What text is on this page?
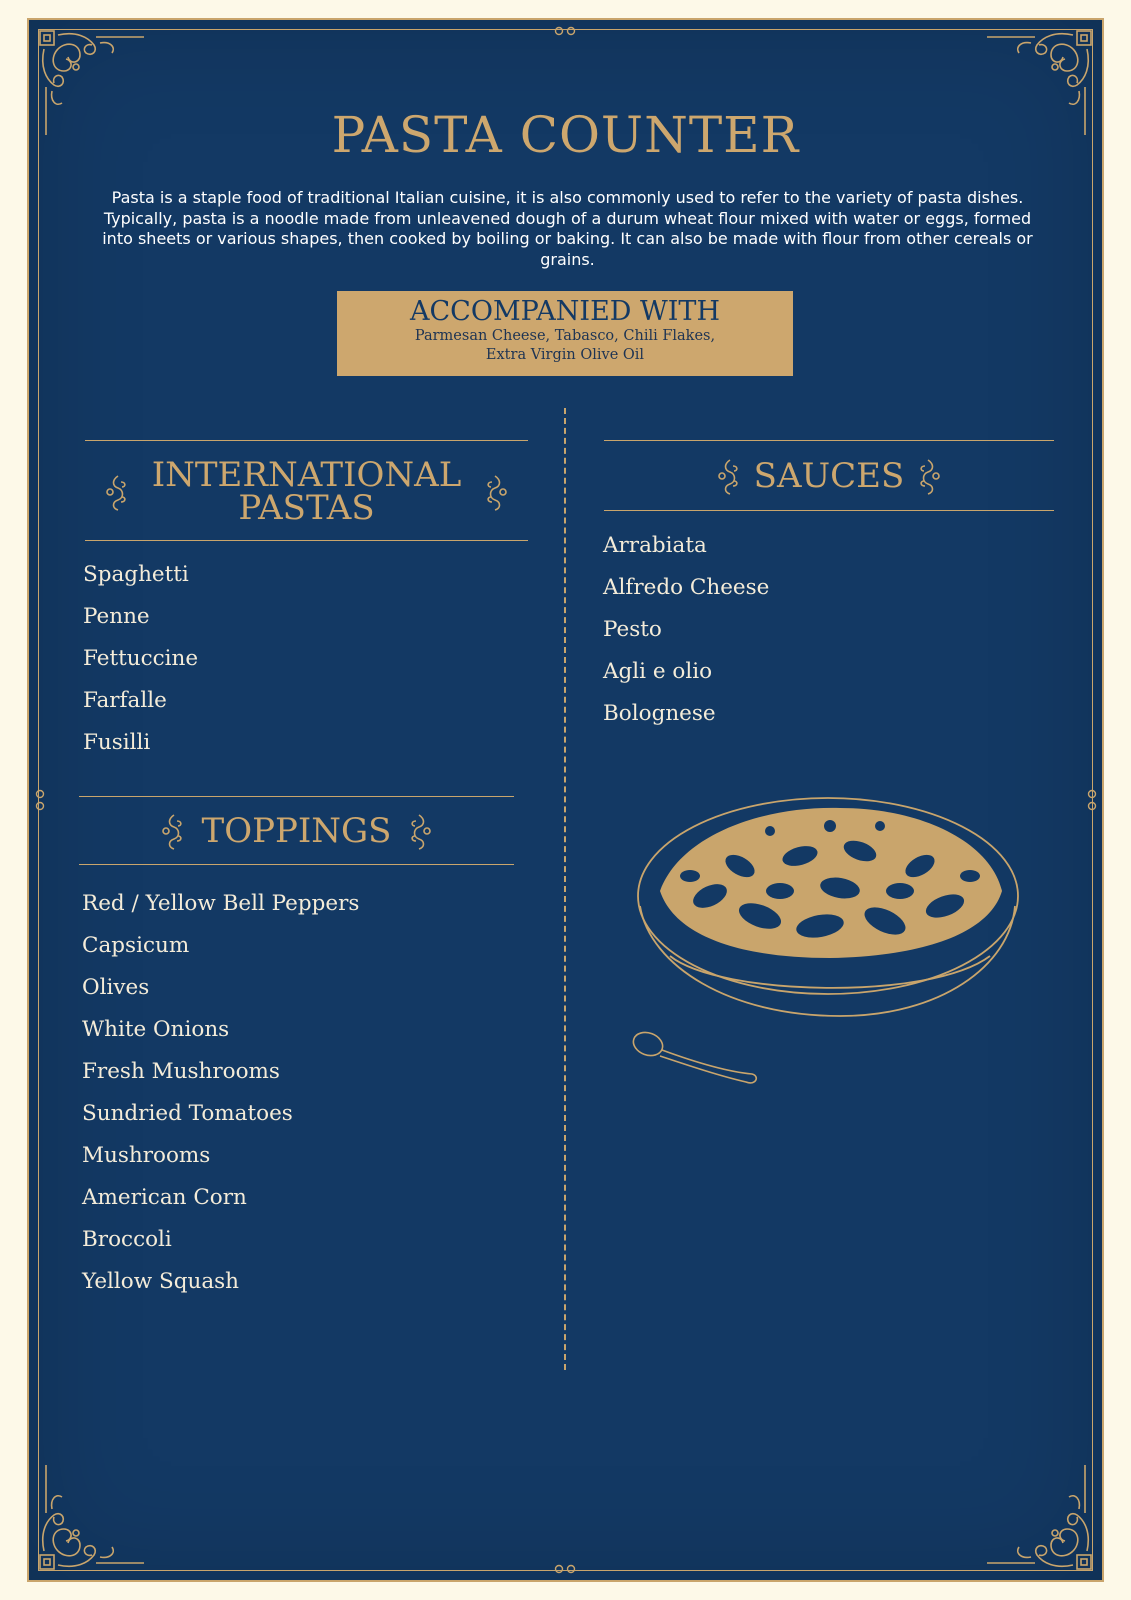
PASTA COUNTER
Pasta is a staple food of traditional Italian cuisine, it is also commonly used to refer to the variety of pasta dishes. Typically, pasta is a noodle made from unleavened dough of a durum wheat flour mixed with water or eggs, formed into sheets or various shapes, then cooked by boiling or baking. It can also be made with flour from other cereals or grains.
ACCOMPANIED WITH
Parmesan Cheese, Tabasco, Chili Flakes,
Extra Virgin Olive Oil
INTERNATIONAL
PASTAS
Spaghetti
Penne
Fettuccine
Farfalle
Fusilli
TOPPINGS
Red / Yellow Bell Peppers
Capsicum
Olives
White Onions
Fresh Mushrooms
Sundried Tomatoes
Mushrooms
American Corn
Broccoli
Yellow Squash
SAUCES
Arrabiata
Alfredo Cheese
Pesto
Agli e olio
Bolognese
